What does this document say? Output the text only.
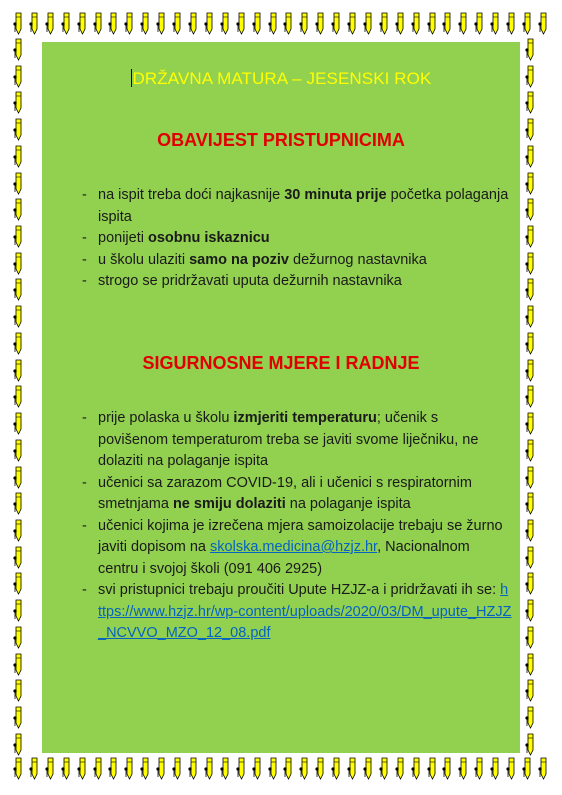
DRŽAVNA MATURA – JESENSKI ROK
OBAVIJEST PRISTUPNICIMA
- na ispit treba doći najkasnije 30 minuta prije početka polaganja ispita
- ponijeti osobnu iskaznicu
- u školu ulaziti samo na poziv dežurnog nastavnika
- strogo se pridržavati uputa dežurnih nastavnika
SIGURNOSNE MJERE I RADNJE
- prije polaska u školu izmjeriti temperaturu; učenik s povišenom temperaturom treba se javiti svome liječniku, ne dolaziti na polaganje ispita
- učenici sa zarazom COVID-19, ali i učenici s respiratornim smetnjama ne smiju dolaziti na polaganje ispita
- učenici kojima je izrečena mjera samoizolacije trebaju se žurno javiti dopisom na skolska.medicina@hzjz.hr, Nacionalnom centru i svojoj školi (091 406 2925)
- svi pristupnici trebaju proučiti Upute HZJZ-a i pridržavati ih se: https://www.hzjz.hr/wp-content/uploads/2020/03/DM_upute_HZJZ_NCVVO_MZO_12_08.pdf
